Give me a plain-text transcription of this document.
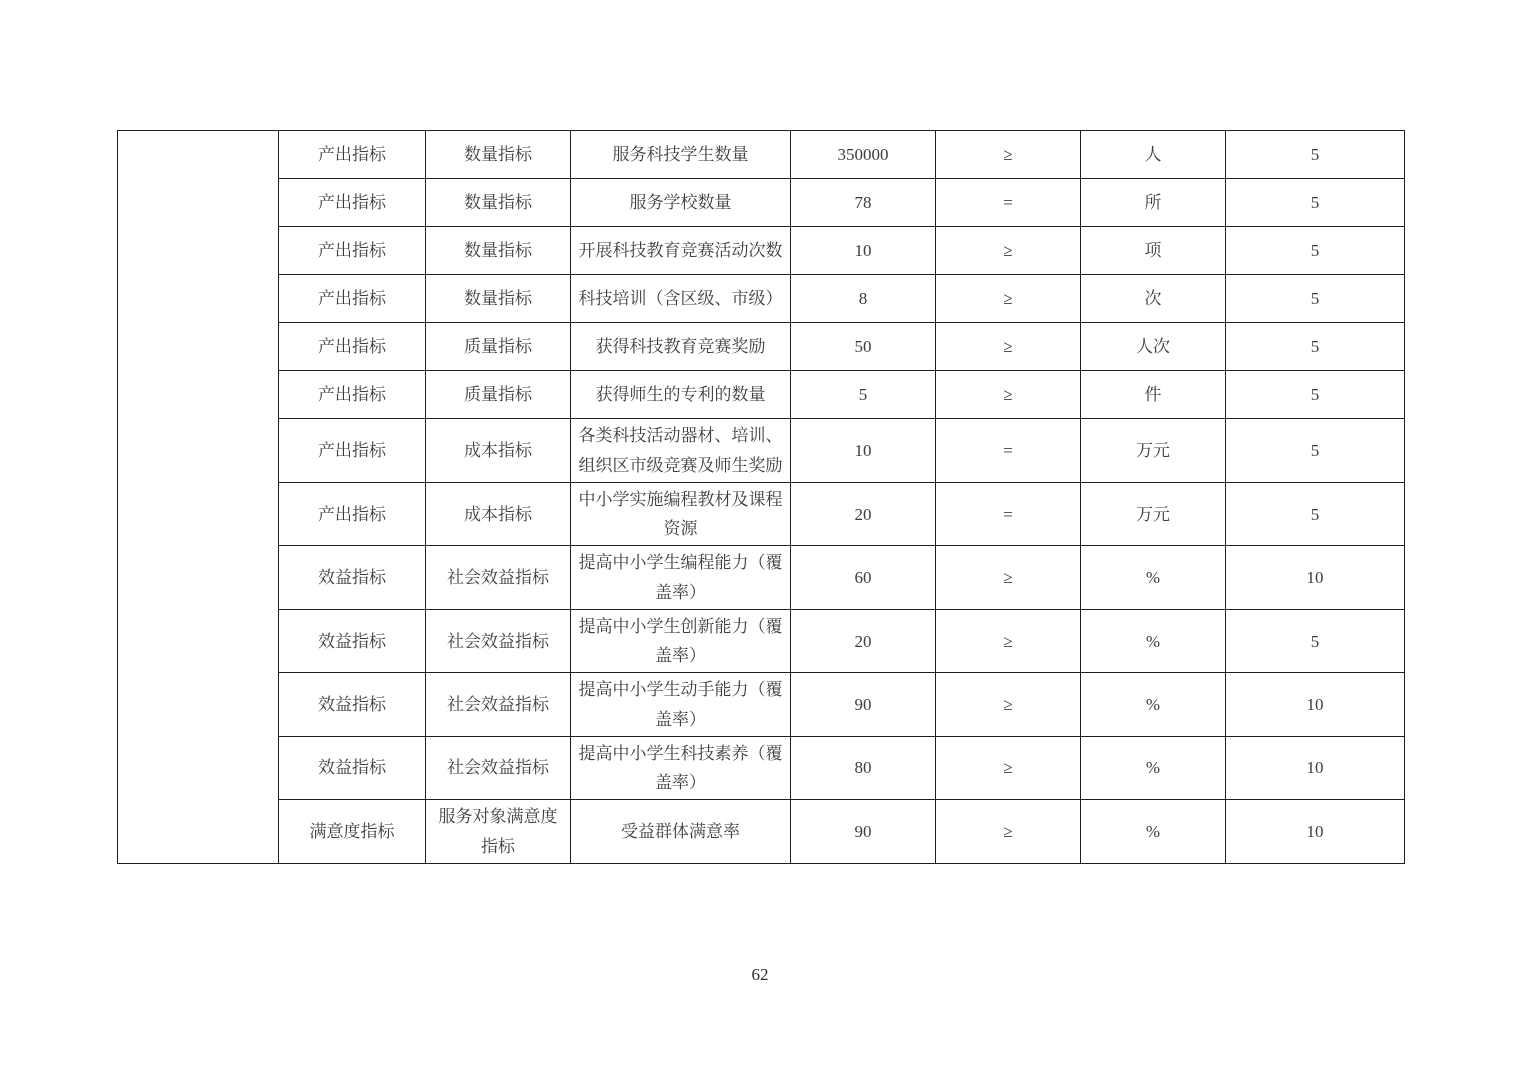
	产出指标	数量指标	服务科技学生数量	350000	≥	人	5
	产出指标	数量指标	服务学校数量	78	=	所	5
	产出指标	数量指标	开展科技教育竞赛活动次数	10	≥	项	5
	产出指标	数量指标	科技培训（含区级、市级）	8	≥	次	5
	产出指标	质量指标	获得科技教育竞赛奖励	50	≥	人次	5
	产出指标	质量指标	获得师生的专利的数量	5	≥	件	5
	产出指标	成本指标	各类科技活动器材、培训、组织区市级竞赛及师生奖励	10	=	万元	5
	产出指标	成本指标	中小学实施编程教材及课程资源	20	=	万元	5
	效益指标	社会效益指标	提高中小学生编程能力（覆盖率）	60	≥	%	10
	效益指标	社会效益指标	提高中小学生创新能力（覆盖率）	20	≥	%	5
	效益指标	社会效益指标	提高中小学生动手能力（覆盖率）	90	≥	%	10
	效益指标	社会效益指标	提高中小学生科技素养（覆盖率）	80	≥	%	10
	满意度指标	服务对象满意度指标	受益群体满意率	90	≥	%	10
62
